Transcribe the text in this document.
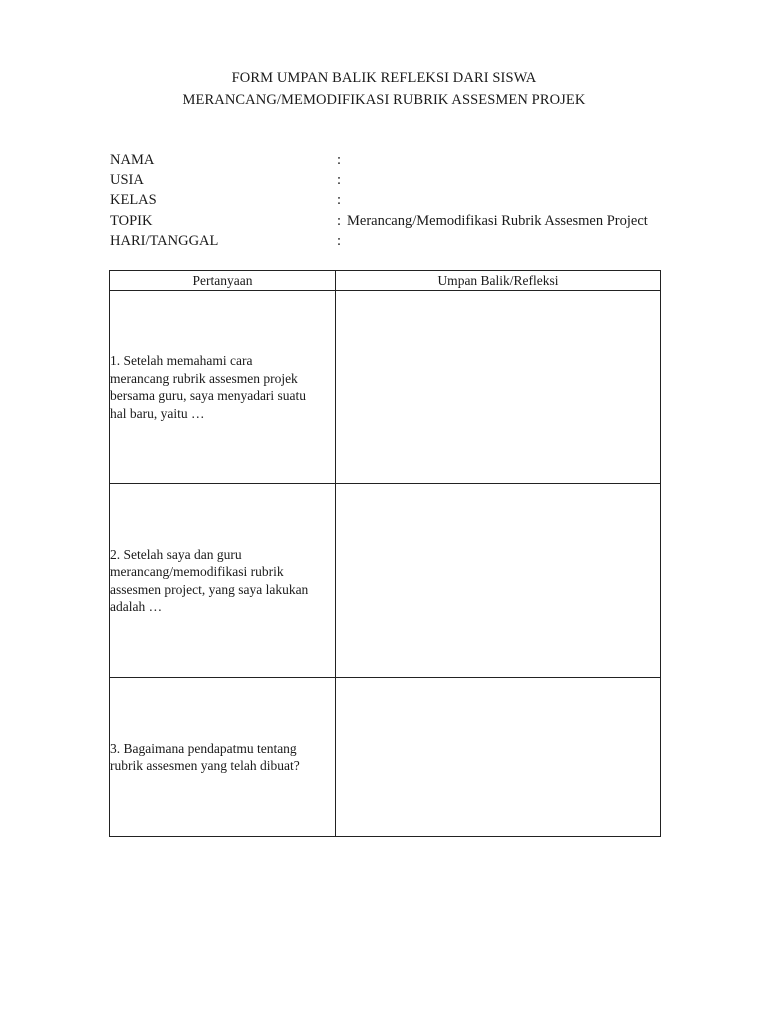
FORM UMPAN BALIK REFLEKSI DARI SISWA
MERANCANG/MEMODIFIKASI RUBRIK ASSESMEN PROJEK
NAMA	:
USIA	:
KELAS	:
TOPIK	: Merancang/Memodifikasi Rubrik Assesmen Project
HARI/TANGGAL	:
Pertanyaan	Umpan Balik/Refleksi

1. Setelah memahami cara
merancang rubrik assesmen projek
bersama guru, saya menyadari suatu
hal baru, yaitu …	

2. Setelah saya dan guru
merancang/memodifikasi rubrik
assesmen project, yang saya lakukan
adalah …	

3. Bagaimana pendapatmu tentang
rubrik assesmen yang telah dibuat?	
